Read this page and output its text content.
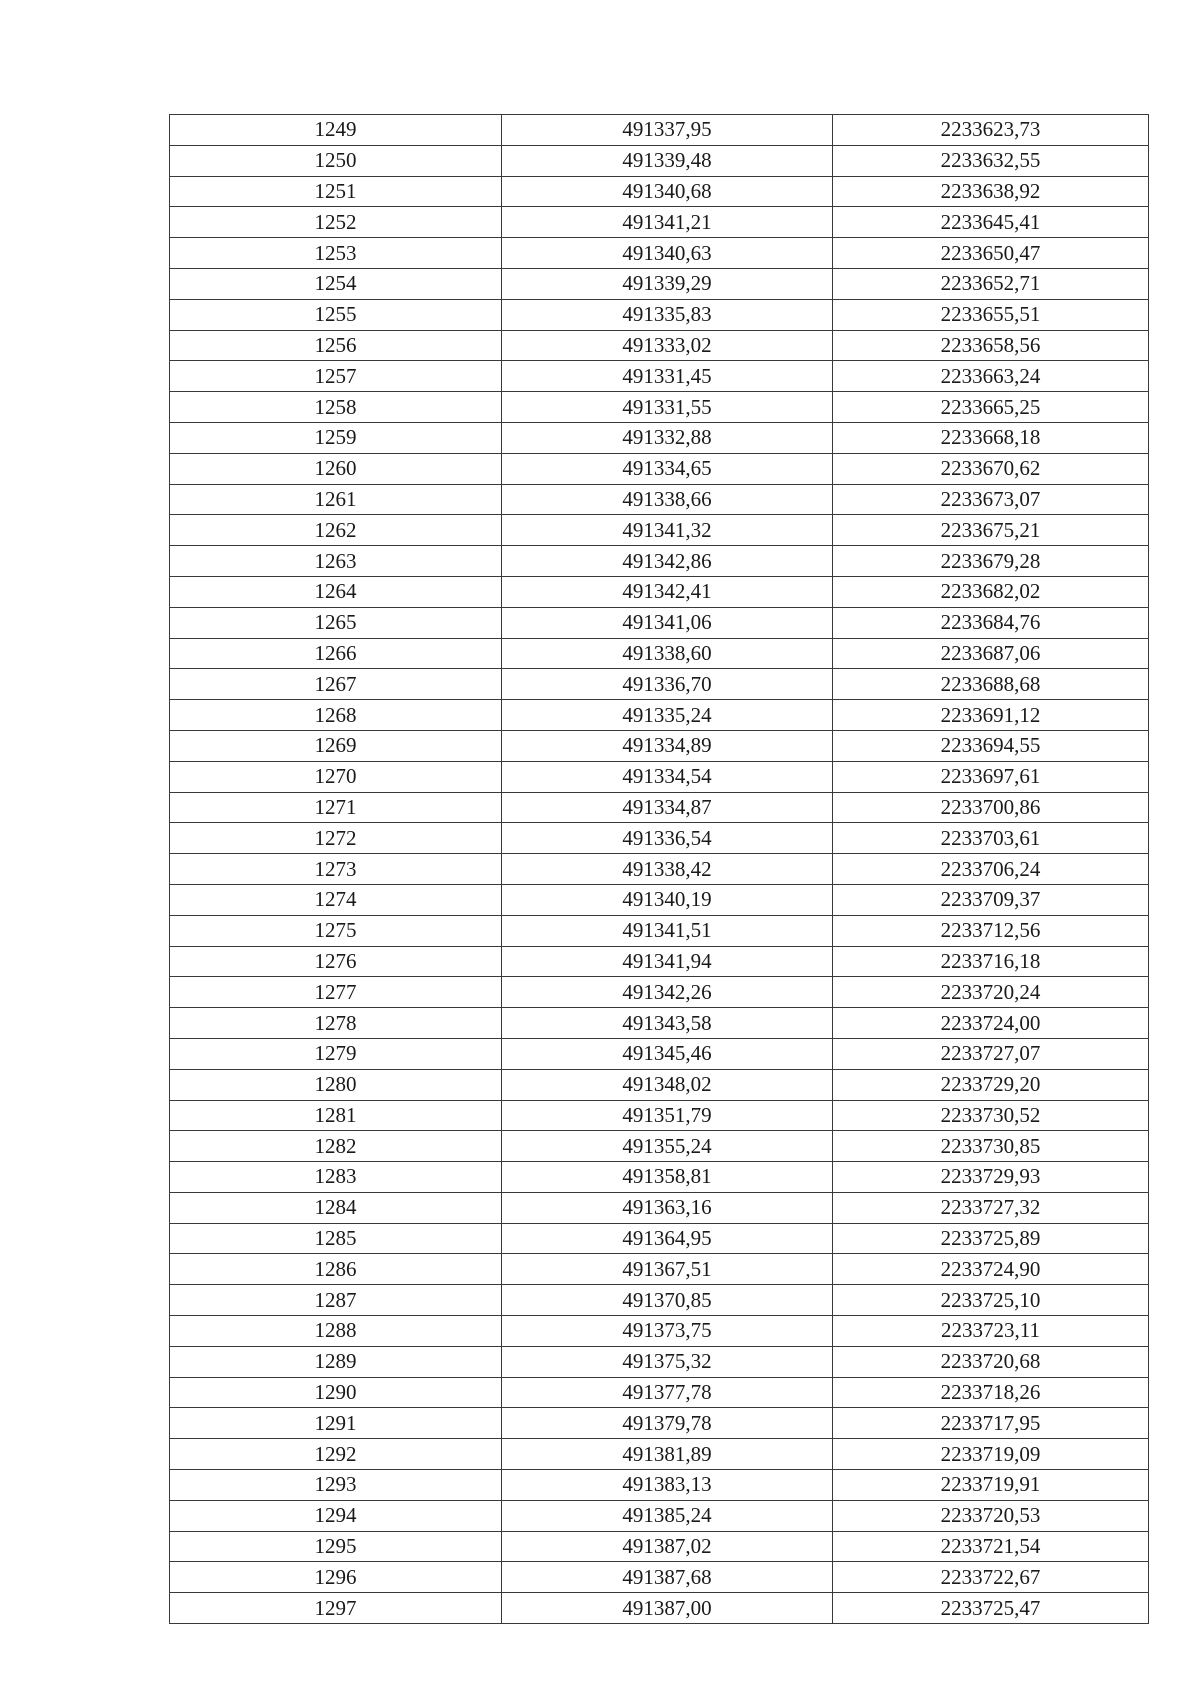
1249	491337,95	2233623,73
1250	491339,48	2233632,55
1251	491340,68	2233638,92
1252	491341,21	2233645,41
1253	491340,63	2233650,47
1254	491339,29	2233652,71
1255	491335,83	2233655,51
1256	491333,02	2233658,56
1257	491331,45	2233663,24
1258	491331,55	2233665,25
1259	491332,88	2233668,18
1260	491334,65	2233670,62
1261	491338,66	2233673,07
1262	491341,32	2233675,21
1263	491342,86	2233679,28
1264	491342,41	2233682,02
1265	491341,06	2233684,76
1266	491338,60	2233687,06
1267	491336,70	2233688,68
1268	491335,24	2233691,12
1269	491334,89	2233694,55
1270	491334,54	2233697,61
1271	491334,87	2233700,86
1272	491336,54	2233703,61
1273	491338,42	2233706,24
1274	491340,19	2233709,37
1275	491341,51	2233712,56
1276	491341,94	2233716,18
1277	491342,26	2233720,24
1278	491343,58	2233724,00
1279	491345,46	2233727,07
1280	491348,02	2233729,20
1281	491351,79	2233730,52
1282	491355,24	2233730,85
1283	491358,81	2233729,93
1284	491363,16	2233727,32
1285	491364,95	2233725,89
1286	491367,51	2233724,90
1287	491370,85	2233725,10
1288	491373,75	2233723,11
1289	491375,32	2233720,68
1290	491377,78	2233718,26
1291	491379,78	2233717,95
1292	491381,89	2233719,09
1293	491383,13	2233719,91
1294	491385,24	2233720,53
1295	491387,02	2233721,54
1296	491387,68	2233722,67
1297	491387,00	2233725,47
